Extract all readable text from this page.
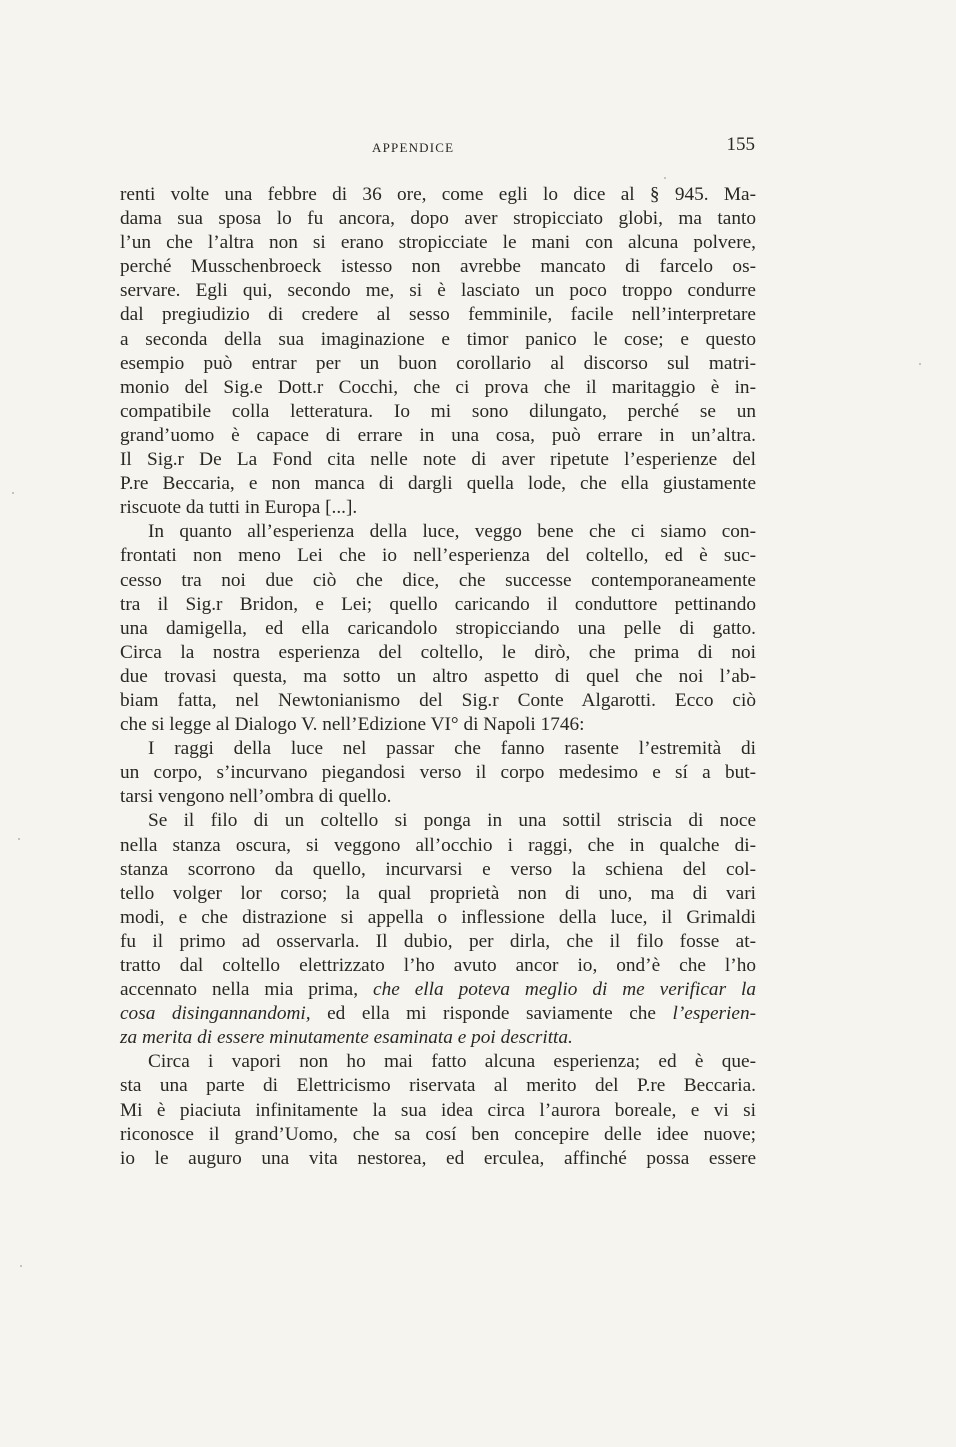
APPENDICE	155
renti volte una febbre di 36 ore, come egli lo dice al § 945. Ma-
dama sua sposa lo fu ancora, dopo aver stropicciato globi, ma tanto
l’un che l’altra non si erano stropicciate le mani con alcuna polvere,
perché Musschenbroeck istesso non avrebbe mancato di farcelo os-
servare. Egli qui, secondo me, si è lasciato un poco troppo condurre
dal pregiudizio di credere al sesso femminile, facile nell’interpretare
a seconda della sua imaginazione e timor panico le cose; e questo
esempio può entrar per un buon corollario al discorso sul matri-
monio del Sig.e Dott.r Cocchi, che ci prova che il maritaggio è in-
compatibile colla letteratura. Io mi sono dilungato, perché se un
grand’uomo è capace di errare in una cosa, può errare in un’altra.
Il Sig.r De La Fond cita nelle note di aver ripetute l’esperienze del
P.re Beccaria, e non manca di dargli quella lode, che ella giustamente
riscuote da tutti in Europa [...].
In quanto all’esperienza della luce, veggo bene che ci siamo con-
frontati non meno Lei che io nell’esperienza del coltello, ed è suc-
cesso tra noi due ciò che dice, che successe contemporaneamente
tra il Sig.r Bridon, e Lei; quello caricando il conduttore pettinando
una damigella, ed ella caricandolo stropicciando una pelle di gatto.
Circa la nostra esperienza del coltello, le dirò, che prima di noi
due trovasi questa, ma sotto un altro aspetto di quel che noi l’ab-
biam fatta, nel Newtonianismo del Sig.r Conte Algarotti. Ecco ciò
che si legge al Dialogo V. nell’Edizione VI° di Napoli 1746:
I raggi della luce nel passar che fanno rasente l’estremità di
un corpo, s’incurvano piegandosi verso il corpo medesimo e sí a but-
tarsi vengono nell’ombra di quello.
Se il filo di un coltello si ponga in una sottil striscia di noce
nella stanza oscura, si veggono all’occhio i raggi, che in qualche di-
stanza scorrono da quello, incurvarsi e verso la schiena del col-
tello volger lor corso; la qual proprietà non di uno, ma di vari
modi, e che distrazione si appella o inflessione della luce, il Grimaldi
fu il primo ad osservarla. Il dubio, per dirla, che il filo fosse at-
tratto dal coltello elettrizzato l’ho avuto ancor io, ond’è che l’ho
accennato nella mia prima, che ella poteva meglio di me verificar la
cosa disingannandomi, ed ella mi risponde saviamente che l’esperien-
za merita di essere minutamente esaminata e poi descritta.
Circa i vapori non ho mai fatto alcuna esperienza; ed è que-
sta una parte di Elettricismo riservata al merito del P.re Beccaria.
Mi è piaciuta infinitamente la sua idea circa l’aurora boreale, e vi si
riconosce il grand’Uomo, che sa cosí ben concepire delle idee nuove;
io le auguro una vita nestorea, ed erculea, affinché possa essere
